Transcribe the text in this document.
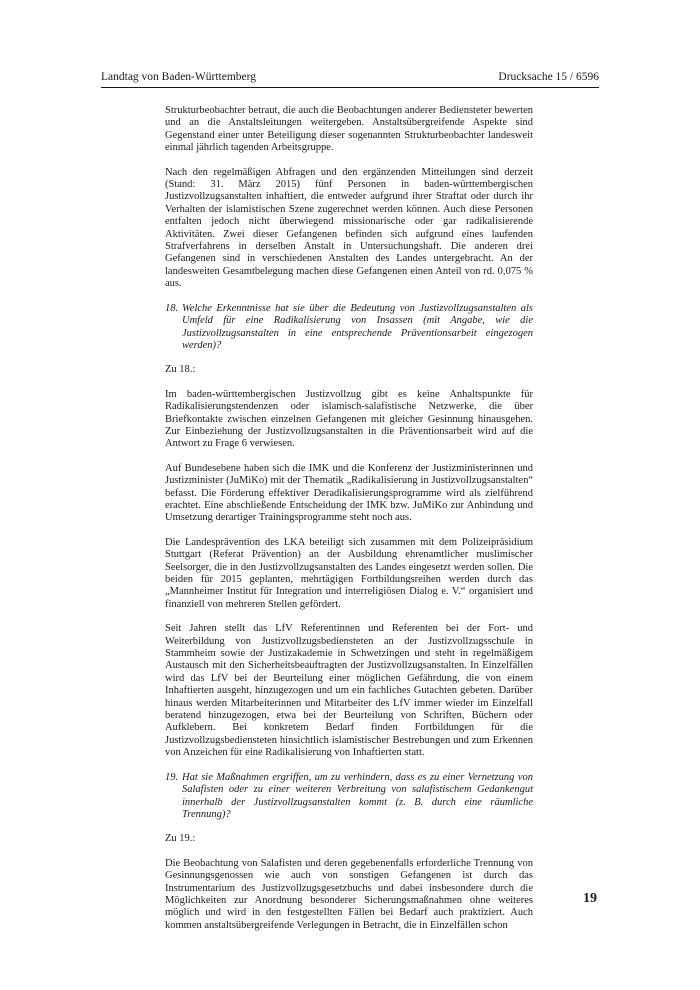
Landtag von Baden-Württemberg	Drucksache 15 / 6596

Strukturbeobachter betraut, die auch die Beobachtungen anderer Bediensteter bewerten und an die Anstaltsleitungen weitergeben. Anstaltsübergreifende Aspekte sind Gegenstand einer unter Beteiligung dieser sogenannten Strukturbeobachter landesweit einmal jährlich tagenden Arbeitsgruppe.

Nach den regelmäßigen Abfragen und den ergänzenden Mitteilungen sind derzeit (Stand: 31. März 2015) fünf Personen in baden-württembergischen Justizvollzugsanstalten inhaftiert, die entweder aufgrund ihrer Straftat oder durch ihr Verhalten der islamistischen Szene zugerechnet werden können. Auch diese Personen entfalten jedoch nicht überwiegend missionarische oder gar radikalisierende Aktivitäten. Zwei dieser Gefangenen befinden sich aufgrund eines laufenden Strafverfahrens in derselben Anstalt in Untersuchungshaft. Die anderen drei Gefangenen sind in verschiedenen Anstalten des Landes untergebracht. An der landesweiten Gesamtbelegung machen diese Gefangenen einen Anteil von rd. 0,075 % aus.

18. Welche Erkenntnisse hat sie über die Bedeutung von Justizvollzugsanstalten als Umfeld für eine Radikalisierung von Insassen (mit Angabe, wie die Justizvollzugsanstalten in eine entsprechende Präventionsarbeit eingezogen werden)?

Zu 18.:

Im baden-württembergischen Justizvollzug gibt es keine Anhaltspunkte für Radikalisierungstendenzen oder islamisch-salafistische Netzwerke, die über Briefkontakte zwischen einzelnen Gefangenen mit gleicher Gesinnung hinausgehen. Zur Einbeziehung der Justizvollzugsanstalten in die Präventionsarbeit wird auf die Antwort zu Frage 6 verwiesen.

Auf Bundesebene haben sich die IMK und die Konferenz der Justizministerinnen und Justizminister (JuMiKo) mit der Thematik „Radikalisierung in Justizvollzugsanstalten“ befasst. Die Förderung effektiver Deradikalisierungsprogramme wird als zielführend erachtet. Eine abschließende Entscheidung der IMK bzw. JuMiKo zur Anbindung und Umsetzung derartiger Trainingsprogramme steht noch aus.

Die Landesprävention des LKA beteiligt sich zusammen mit dem Polizeipräsidium Stuttgart (Referat Prävention) an der Ausbildung ehrenamtlicher muslimischer Seelsorger, die in den Justizvollzugsanstalten des Landes eingesetzt werden sollen. Die beiden für 2015 geplanten, mehrtägigen Fortbildungsreihen werden durch das „Mannheimer Institut für Integration und interreligiösen Dialog e. V.“ organisiert und finanziell von mehreren Stellen gefördert.

Seit Jahren stellt das LfV Referentinnen und Referenten bei der Fort- und Weiterbildung von Justizvollzugsbediensteten an der Justizvollzugsschule in Stammheim sowie der Justizakademie in Schwetzingen und steht in regelmäßigem Austausch mit den Sicherheitsbeauftragten der Justizvollzugsanstalten. In Einzelfällen wird das LfV bei der Beurteilung einer möglichen Gefährdung, die von einem Inhaftierten ausgeht, hinzugezogen und um ein fachliches Gutachten gebeten. Darüber hinaus werden Mitarbeiterinnen und Mitarbeiter des LfV immer wieder im Einzelfall beratend hinzugezogen, etwa bei der Beurteilung von Schriften, Büchern oder Aufklebern. Bei konkretem Bedarf finden Fortbildungen für die Justizvollzugsbediensteten hinsichtlich islamistischer Bestrebungen und zum Erkennen von Anzeichen für eine Radikalisierung von Inhaftierten statt.

19. Hat sie Maßnahmen ergriffen, um zu verhindern, dass es zu einer Vernetzung von Salafisten oder zu einer weiteren Verbreitung von salafistischem Gedankengut innerhalb der Justizvollzugsanstalten kommt (z. B. durch eine räumliche Trennung)?

Zu 19.:

Die Beobachtung von Salafisten und deren gegebenenfalls erforderliche Trennung von Gesinnungsgenossen wie auch von sonstigen Gefangenen ist durch das Instrumentarium des Justizvollzugsgesetzbuchs und dabei insbesondere durch die Möglichkeiten zur Anordnung besonderer Sicherungsmaßnahmen ohne weiteres möglich und wird in den festgestellten Fällen bei Bedarf auch praktiziert. Auch kommen anstaltsübergreifende Verlegungen in Betracht, die in Einzelfällen schon

19
